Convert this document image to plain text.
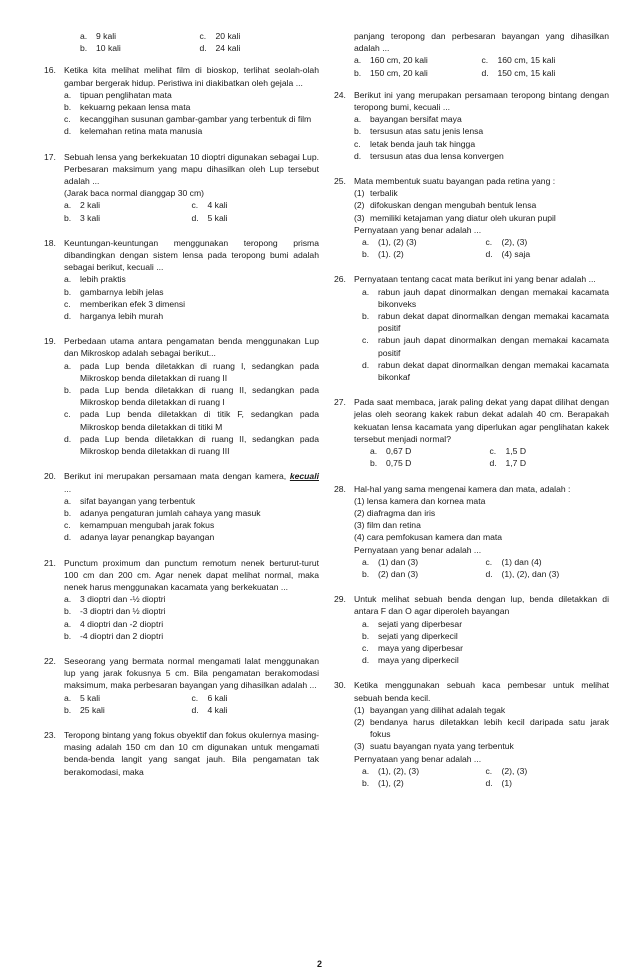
a.	9 kali	c.	20 kali
b.	10 kali	d.	24 kali
16. Ketika kita melihat melihat film di bioskop, terlihat seolah-olah gambar bergerak hidup. Peristiwa ini diakibatkan oleh gejala ...
a.	tipuan penglihatan mata
b.	kekuarng pekaan lensa mata
c.	kecanggihan susunan gambar-gambar yang terbentuk di film
d.	kelemahan retina mata manusia
17. Sebuah lensa yang berkekuatan 10 dioptri digunakan sebagai Lup. Perbesaran maksimum yang mapu dihasilkan oleh Lup tersebut adalah ...
(Jarak baca normal dianggap 30 cm)
a.	2 kali	c.	4 kali
b.	3 kali	d.	5 kali
18. Keuntungan-keuntungan menggunakan teropong prisma dibandingkan dengan sistem lensa pada teropong bumi adalah sebagai berikut, kecuali ...
a.	lebih praktis
b.	gambarnya lebih jelas
c.	memberikan efek 3 dimensi
d.	harganya lebih murah
19. Perbedaan utama antara pengamatan benda menggunakan Lup dan Mikroskop adalah sebagai berikut...
a.	pada Lup benda diletakkan di ruang I, sedangkan pada Mikroskop benda diletakkan di ruang II
b.	pada Lup benda diletakkan di ruang II, sedangkan pada Mikroskop benda diletakkan di ruang I
c.	pada Lup benda diletakkan di titik F, sedangkan pada Mikroskop benda diletakkan di titiki M
d.	pada Lup benda diletakkan di ruang II, sedangkan pada Mikroskop benda diletakkan di ruang III
20. Berikut ini merupakan persamaan mata dengan kamera, kecuali ...
a.	sifat bayangan yang terbentuk
b.	adanya pengaturan jumlah cahaya yang masuk
c.	kemampuan mengubah jarak fokus
d.	adanya layar penangkap bayangan
21. Punctum proximum dan punctum remotum nenek berturut-turut 100 cm dan 200 cm. Agar nenek dapat melihat normal, maka nenek harus menggunakan kacamata yang berkekuatan ...
a.	3 dioptri dan -½ dioptri
b.	-3 dioptri dan ½ dioptri
a.	4 dioptri dan -2 dioptri
b.	-4 dioptri dan 2 dioptri
22. Seseorang yang bermata normal mengamati lalat menggunakan lup yang jarak fokusnya 5 cm. Bila pengamatan berakomodasi maksimum, maka perbesaran bayangan yang dihasilkan adalah ...
a.	5 kali	c.	6 kali
b.	25 kali	d.	4 kali
23. Teropong bintang yang fokus obyektif dan fokus okulernya masing-masing adalah 150 cm dan 10 cm digunakan untuk mengamati benda-benda langit yang sangat jauh. Bila pengamatan tak berakomodasi, maka
panjang teropong dan perbesaran bayangan yang dihasilkan adalah ...
a.	160 cm, 20 kali	c.	160 cm, 15 kali
b.	150 cm, 20 kali	d.	150 cm, 15 kali
24. Berikut ini yang merupakan persamaan teropong bintang dengan teropong bumi, kecuali ...
a.	bayangan bersifat maya
b.	tersusun atas satu jenis lensa
c.	letak benda jauh tak hingga
d.	tersusun atas dua lensa konvergen
25. Mata membentuk suatu bayangan pada retina yang :
(1) terbalik
(2) difokuskan dengan mengubah bentuk lensa
(3) memiliki ketajaman yang diatur oleh ukuran pupil
Pernyataan yang benar adalah ...
a.	(1), (2) (3)	c.	(2), (3)
b.	(1). (2)	d.	(4) saja
26. Pernyataan tentang cacat mata berikut ini yang benar adalah ...
a.	rabun jauh dapat dinormalkan dengan memakai kacamata bikonveks
b.	rabun dekat dapat dinormalkan dengan memakai kacamata positif
c.	rabun jauh dapat dinormalkan dengan memakai kacamata positif
d.	rabun dekat dapat dinormalkan dengan memakai kacamata bikonkaf
27. Pada saat membaca, jarak paling dekat yang dapat dilihat dengan jelas oleh seorang kakek rabun dekat adalah 40 cm. Berapakah kekuatan lensa kacamata yang diperlukan agar penglihatan kakek tersebut menjadi normal?
a.	0,67 D	c.	1,5 D
b.	0,75 D	d.	1,7 D
28. Hal-hal yang sama mengenai kamera dan mata, adalah :
(1) lensa kamera dan kornea mata
(2) diafragma dan iris
(3) film dan retina
(4) cara pemfokusan kamera dan mata
Pernyataan yang benar adalah ...
a.	(1) dan (3)	c.	(1) dan (4)
b.	(2) dan (3)	d.	(1), (2), dan (3)
29. Untuk melihat sebuah benda dengan lup, benda diletakkan di antara F dan O agar diperoleh bayangan
a.	sejati yang diperbesar
b.	sejati yang diperkecil
c.	maya yang diperbesar
d.	maya yang diperkecil
30. Ketika menggunakan sebuah kaca pembesar untuk melihat sebuah benda kecil.
(1) bayangan yang dilihat adalah tegak
(2) bendanya harus diletakkan lebih kecil daripada satu jarak fokus
(3) suatu bayangan nyata yang terbentuk
Pernyataan yang benar adalah ...
a.	(1), (2), (3)	c.	(2), (3)
b.	(1), (2)	d.	(1)
2
